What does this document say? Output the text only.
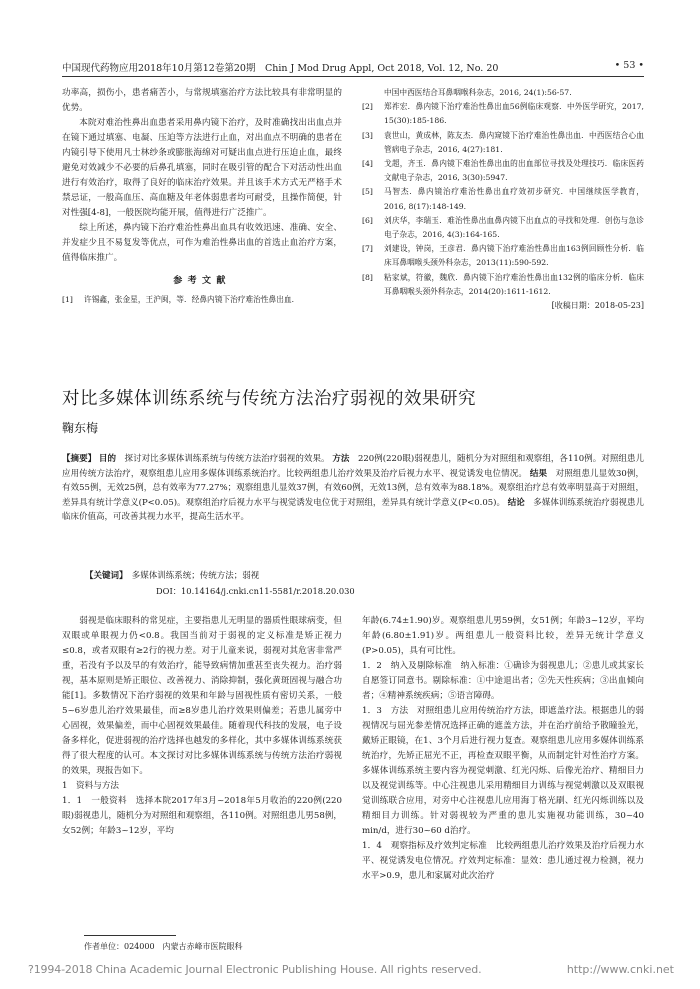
中国现代药物应用2018年10月第12卷第20期　Chin J Mod Drug Appl, Oct 2018, Vol. 12, No. 20	• 53 •

功率高，损伤小，患者痛苦小，与常规填塞治疗方法比较具有非常明显的优势。

本院对难治性鼻出血患者采用鼻内镜下治疗，及时准确找出出血点并在镜下通过填塞、电凝、压迫等方法进行止血，对出血点不明确的患者在内镜引导下使用凡士林纱条或膨胀海绵对可疑出血点进行压迫止血，最终避免对效减少不必要的后鼻孔填塞，同时在吸引管的配合下对活动性出血进行有效治疗，取得了良好的临床治疗效果。并且该手术方式无严格手术禁忌证，一般高血压、高血糖及年老体弱患者均可耐受，且操作简便，针对性强[4-8]，一般医院均能开展，值得进行广泛推广。

综上所述，鼻内镜下治疗难治性鼻出血具有收效迅速、准确、安全、并发症少且不易复发等优点，可作为难治性鼻出血的首选止血治疗方案，值得临床推广。

参考文献
[1]	许锡鑫，张金星，王沪闽，等．经鼻内镜下治疗难治性鼻出血．
中国中西医结合耳鼻咽喉科杂志，2016, 24(1):56-57.
[2]	郑祚宏．鼻内镜下治疗难治性鼻出血56例临床观察．中外医学研究，2017, 15(30):185-186.
[3]	袁世山，黄成林，陈友杰．鼻内窥镜下治疗难治性鼻出血．中西医结合心血管病电子杂志，2016, 4(27):181.
[4]	戈超，齐玉．鼻内镜下难治性鼻出血的出血部位寻找及处理技巧．临床医药文献电子杂志，2016, 3(30):5947.
[5]	马智杰．鼻内镜治疗难治性鼻出血疗效初步研究．中国继续医学教育，2016, 8(17):148-149.
[6]	刘庆华，李瑞玉．难治性鼻出血鼻内镜下出血点的寻找和处理．创伤与急诊电子杂志，2016, 4(3):164-165.
[7]	刘建设，钟岗，王彦君．鼻内镜下治疗难治性鼻出血163例回顾性分析．临床耳鼻咽喉头颈外科杂志，2013(11):590-592.
[8]	粘家斌，符徽，魏欣．鼻内镜下治疗难治性鼻出血132例的临床分析．临床耳鼻咽喉头颈外科杂志，2014(20):1611-1612.
[收稿日期：2018-05-23]
对比多媒体训练系统与传统方法治疗弱视的效果研究
鞠东梅
【摘要】 目的　探讨对比多媒体训练系统与传统方法治疗弱视的效果。 方法　220例(220眼)弱视患儿，随机分为对照组和观察组，各110例。对照组患儿应用传统方法治疗，观察组患儿应用多媒体训练系统治疗。比较两组患儿治疗效果及治疗后视力水平、视觉诱发电位情况。 结果　对照组患儿显效30例，有效55例，无效25例，总有效率为77.27%；观察组患儿显效37例，有效60例，无效13例，总有效率为88.18%。观察组治疗总有效率明显高于对照组，差异具有统计学意义(P<0.05)。观察组治疗后视力水平与视觉诱发电位优于对照组，差异具有统计学意义(P<0.05)。 结论　多媒体训练系统治疗弱视患儿临床价值高，可改善其视力水平，提高生活水平。
【关键词】　多媒体训练系统；传统方法；弱视
DOI：10.14164/j.cnki.cn11-5581/r.2018.20.030

弱视是临床眼科的常见症，主要指患儿无明显的器质性眼球病变，但双眼或单眼视力仍<0.8。我国当前对于弱视的定义标准是矫正视力≤0.8，或者双眼有≥2行的视力差。对于儿童来说，弱视对其危害非常严重，若没有予以及早的有效治疗，能导致病情加重甚至丧失视力。治疗弱视，基本原则是矫正眼位、改善视力、消除抑制，强化黄斑固视与融合功能[1]。多数情况下治疗弱视的效果和年龄与固视性质有密切关系，一般5~6岁患儿治疗效果最佳，而≥8岁患儿治疗效果则偏差；若患儿属旁中心固视，效果偏差，而中心固视效果最佳。随着现代科技的发展，电子设备多样化，促进弱视的治疗选择也越发的多样化，其中多媒体训练系统获得了很大程度的认可。本文探讨对比多媒体训练系统与传统方法治疗弱视的效果，现报告如下。

1　资料与方法

1．1　一般资料　选择本院2017年3月~2018年5月收治的220例(220眼)弱视患儿，随机分为对照组和观察组，各110例。对照组患儿男58例，女52例；年龄3~12岁，平均

年龄(6.74±1.90)岁。观察组患儿男59例，女51例；年龄3~12岁，平均年龄(6.80±1.91)岁。两组患儿一般资料比较，差异无统计学意义(P>0.05)，具有可比性。

1．2　纳入及剔除标准　纳入标准：①确诊为弱视患儿；②患儿或其家长自愿签订同意书。剔除标准：①中途退出者；②先天性疾病；③出血倾向者；④精神系统疾病；⑤语言障碍。

1．3　方法　对照组患儿应用传统治疗方法，即遮盖疗法。根据患儿的弱视情况与屈光参差情况选择正确的遮盖方法，并在治疗前给予散瞳验光，戴矫正眼镜，在1、3个月后进行视力复查。观察组患儿应用多媒体训练系统治疗，先矫正屈光不正，再检查双眼平衡，从而制定针对性治疗方案。多媒体训练系统主要内容为视觉刺激、红光闪烁、后像光治疗、精细目力以及视觉训练等。中心注视患儿采用精细目力训练与视觉刺激以及双眼视觉训练联合应用，对旁中心注视患儿应用海丁格光刷、红光闪烁训练以及精细目力训练。针对弱视较为严重的患儿实施视功能训练，30~40 min/d，进行30~60 d治疗。

1．4　观察指标及疗效判定标准　比较两组患儿治疗效果及治疗后视力水平、视觉诱发电位情况。疗效判定标准：显效：患儿通过视力检测，视力水平>0.9，患儿和家属对此次治疗

作者单位：024000　内蒙古赤峰市医院眼科
?1994-2018 China Academic Journal Electronic Publishing House. All rights reserved.	http://www.cnki.net
